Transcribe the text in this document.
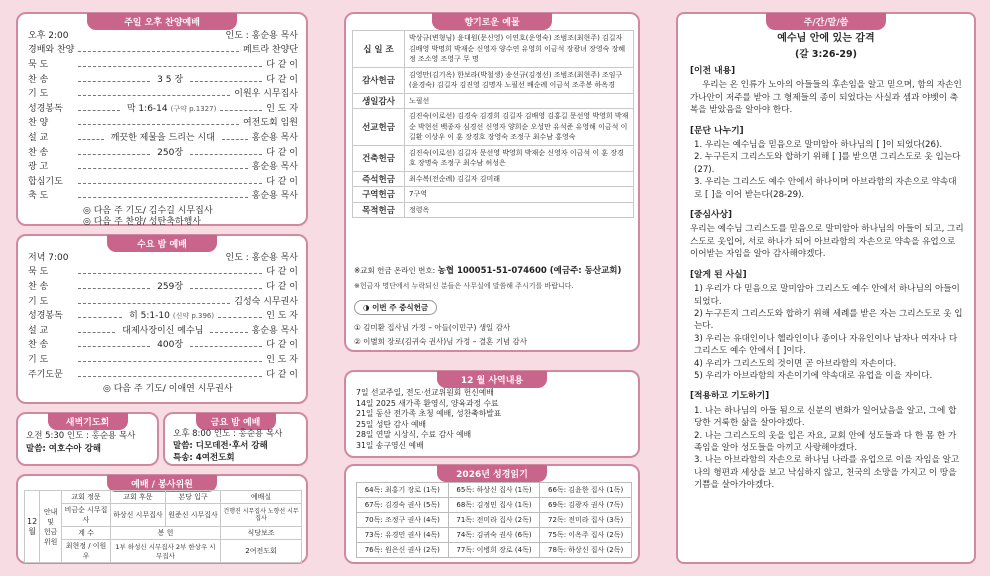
주일 오후 찬양예배
오후 2:00	인도 : 홍순용 목사
경배와 찬양	페트라 찬양단
묵 도	다 같 이
찬 송	3 5 장	다 같 이
기 도	이원우 시무집사
성경봉독	막 1:6-14 (구약 p.1327)	인 도 자
찬 양	여전도회 임원
설 교	깨끗한 제물을 드리는 시대	홍순용 목사
찬 송	250장	다 같 이
광 고	홍순용 목사
합심기도	다 같 이
축 도	홍순용 목사
◎ 다음 주 기도/ 김수길 시무집사
◎ 다음 주 찬양/ 성탄축하행사
수요 밤 예배
저녁 7:00	인도 : 홍순용 목사
묵 도	다 같 이
찬 송	259장	다 같 이
기 도	김성숙 시무권사
성경봉독	히 5:1-10 (신약 p.396)	인 도 자
설 교	대제사장이신 예수님	홍순용 목사
찬 송	400장	다 같 이
기 도	인 도 자
주기도문	다 같 이
◎ 다음 주 기도/ 이애연 시무권사
새벽기도회
오전 5:30 인도 : 홍순용 목사
말씀: 여호수아 강해
금요 밤 예배
오후 8:00 인도 : 홍순용 목사
말씀: 디모데전·후서 강해
특송: 4여전도회
예배 / 봉사위원
12
월	안내
및
헌금
위원	교회 정문	교회 후문	본당 입구	예배실
		비금순 시무집사	하상신 시무집사	원준신 시무집사	건행진 시무집사 노향선 시무집사
		계 수	봉 헌		식당보조
		최현정 / 이원우	1부 하성신 시무집사 2부 한상우 시무집사		2여전도회
향기로운 예물
십 일 조	박상규(변형님) 윤대원(문신영) 이연호(운영숙) 조범조(최현주) 김길자 김배영 박명희 박재순 신영자 양수연 유영희 이금석 장광녀 장영숙 장혜정 조소영 조영구 무 명
감사헌금	김영만(김기옥) 한보라(박철생) 송선규(김정선) 조범조(최현주) 조임구(윤경숙) 김길자 김진영 김명자 노필선 배순례 이금석 조주봉 하옥경
생일감사	노필선
선교헌금	김진숙(이로선) 김경숙 김경희 김길자 김배영 김홍길 문선영 박영희 박재순 박현선 백종자 심경선 신영자 양희순 오성만 유석준 유영해 이금석 이길환 이상우 이 훈 장경호 장영숙 조정구 최수남 홍영숙
건축헌금	김진숙(이로선) 김길자 문선영 박영희 박재순 신영자 이금석 이 훈 장경호 장명숙 조정구 최수남 허성은
즉석헌금	최수복(전순례) 김길자 김미래
구역헌금	7구역
목적헌금	정령옥
※교회 헌금 온라인 번호: 농협 100051-51-074600 (예금주: 동산교회)
※헌금자 명단에서 누락되신 분들은 사무실에 말씀해 주시기를 바랍니다.
◑ 이번 주 중식헌금
① 김미환 집사님 가정 – 아들(이민구) 생일 감사
② 이별희 장로(김귀숙 권사)님 가정 – 결혼 기념 감사
12 월 사역내용
7일 선교주일, 전도·선교위원회 헌신예배
14일 2025 새가족 환영식, 양육과정 수료
21일 동산 전가족 초청 예배, 성찬축하발표
25일 성탄 감사 예배
28일 연말 시상식, 수료 감사 예배
31일 송구영신 예배
2026년 성경읽기
64독: 최홍기 장로 (1독)	65독: 하상신 집사 (1독)	66독: 김윤한 집사 (1독)
67독: 김경숙 권사 (5독)	68독: 김정민 집사 (1독)	69독: 김광자 권사 (7독)
70독: 조정구 권사 (4독)	71독: 전미라 집사 (2독)	72독: 전미라 집사 (3독)
73독: 유경민 권사 (4독)	74독: 김귀숙 권사 (6독)	75독: 이옥주 집사 (2독)
76독: 원은신 권사 (2독)	77독: 이병희 장로 (4독)	78독: 하상신 집사 (2독)
주/간/말/씀
예수님 안에 있는 감격
(갈 3:26-29)
[이전 내용]
우리는 온 인류가 노아의 아들들의 후손임을 알고 믿으며, 함의 자손인 가나안이 저주를 받아 그 형제들의 종이 되었다는 사실과 셈과 야벳이 축복을 받았음을 알아야 한다.
[문단 나누기]
1. 우리는 예수님을 믿음으로 말미암아 하나님의 [ ]이 되었다(26).
2. 누구든지 그리스도와 합하기 위해 [ ]를 받으면 그리스도로 옷 입는다(27).
3. 우리는 그리스도 예수 안에서 하나이며 아브라함의 자손으로 약속대로 [ ]을 이어 받는다(28-29).
[중심사상]
우리는 예수님 그리스도를 믿음으로 말미암아 하나님의 아들이 되고, 그리스도로 옷입어, 서로 하나가 되어 아브라함의 자손으로 약속을 유업으로 이어받는 자임을 알아 감사해야겠다.
[알게 된 사실]
1) 우리가 다 믿음으로 말미암아 그리스도 예수 안에서 하나님의 아들이 되었다.
2) 누구든지 그리스도와 합하기 위해 세례를 받은 자는 그리스도로 옷 입는다.
3) 우리는 유대인이나 헬라인이나 종이나 자유인이나 남자나 여자나 다 그리스도 예수 안에서 [ ]이다.
4) 우리가 그리스도의 것이면 곧 아브라함의 자손이다.
5) 우리가 아브라함의 자손이기에 약속대로 유업을 이을 자이다.
[적용하고 기도하기]
1. 나는 하나님의 아들 됨으로 신분의 변화가 일어났음을 알고, 그에 합당한 거룩한 삶을 살아야겠다.
2. 나는 그리스도의 옷을 입은 자요, 교회 안에 성도들과 다 한 몸 한 가족임을 알아 성도들을 아끼고 사랑해야겠다.
3. 나는 아브라함의 자손으로 하나님 나라를 유업으로 이을 자임을 알고 나의 형편과 세상을 보고 낙심하지 않고, 천국의 소망을 가지고 이 땅을 기쁨을 살아가야겠다.
